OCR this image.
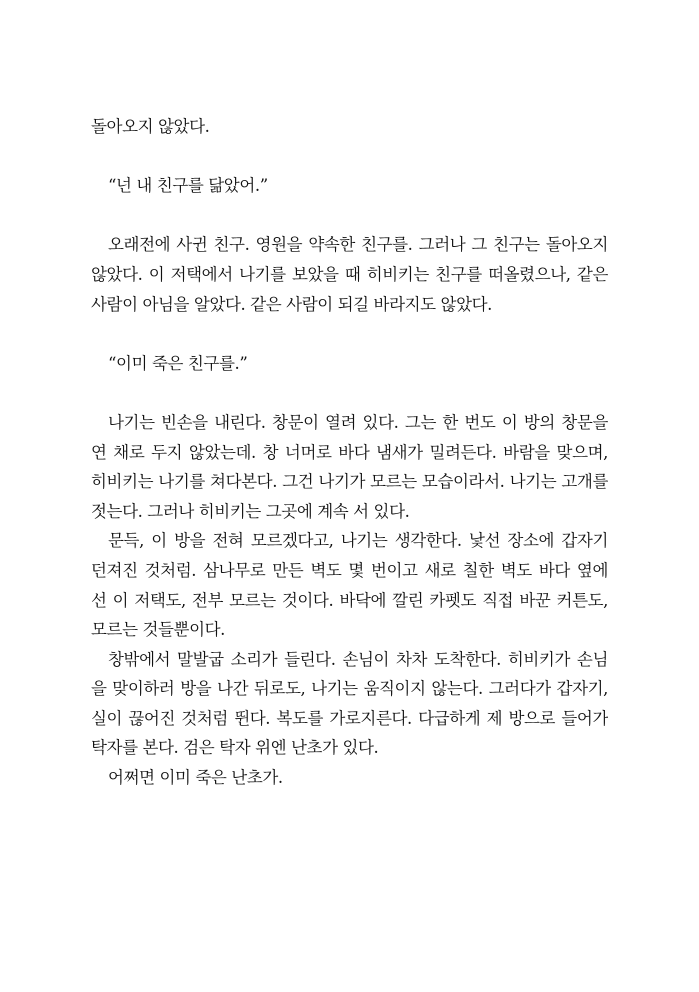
돌아오지 않았다.
“넌 내 친구를 닮았어.”
오래전에 사귄 친구. 영원을 약속한 친구를. 그러나 그 친구는 돌아오지
않았다. 이 저택에서 나기를 보았을 때 히비키는 친구를 떠올렸으나, 같은
사람이 아님을 알았다. 같은 사람이 되길 바라지도 않았다.
“이미 죽은 친구를.”
나기는 빈손을 내린다. 창문이 열려 있다. 그는 한 번도 이 방의 창문을
연 채로 두지 않았는데. 창 너머로 바다 냄새가 밀려든다. 바람을 맞으며,
히비키는 나기를 쳐다본다. 그건 나기가 모르는 모습이라서. 나기는 고개를
젓는다. 그러나 히비키는 그곳에 계속 서 있다.
문득, 이 방을 전혀 모르겠다고, 나기는 생각한다. 낯선 장소에 갑자기
던져진 것처럼. 삼나무로 만든 벽도 몇 번이고 새로 칠한 벽도 바다 옆에
선 이 저택도, 전부 모르는 것이다. 바닥에 깔린 카펫도 직접 바꾼 커튼도,
모르는 것들뿐이다.
창밖에서 말발굽 소리가 들린다. 손님이 차차 도착한다. 히비키가 손님
을 맞이하러 방을 나간 뒤로도, 나기는 움직이지 않는다. 그러다가 갑자기,
실이 끊어진 것처럼 뛴다. 복도를 가로지른다. 다급하게 제 방으로 들어가
탁자를 본다. 검은 탁자 위엔 난초가 있다.
어쩌면 이미 죽은 난초가.
